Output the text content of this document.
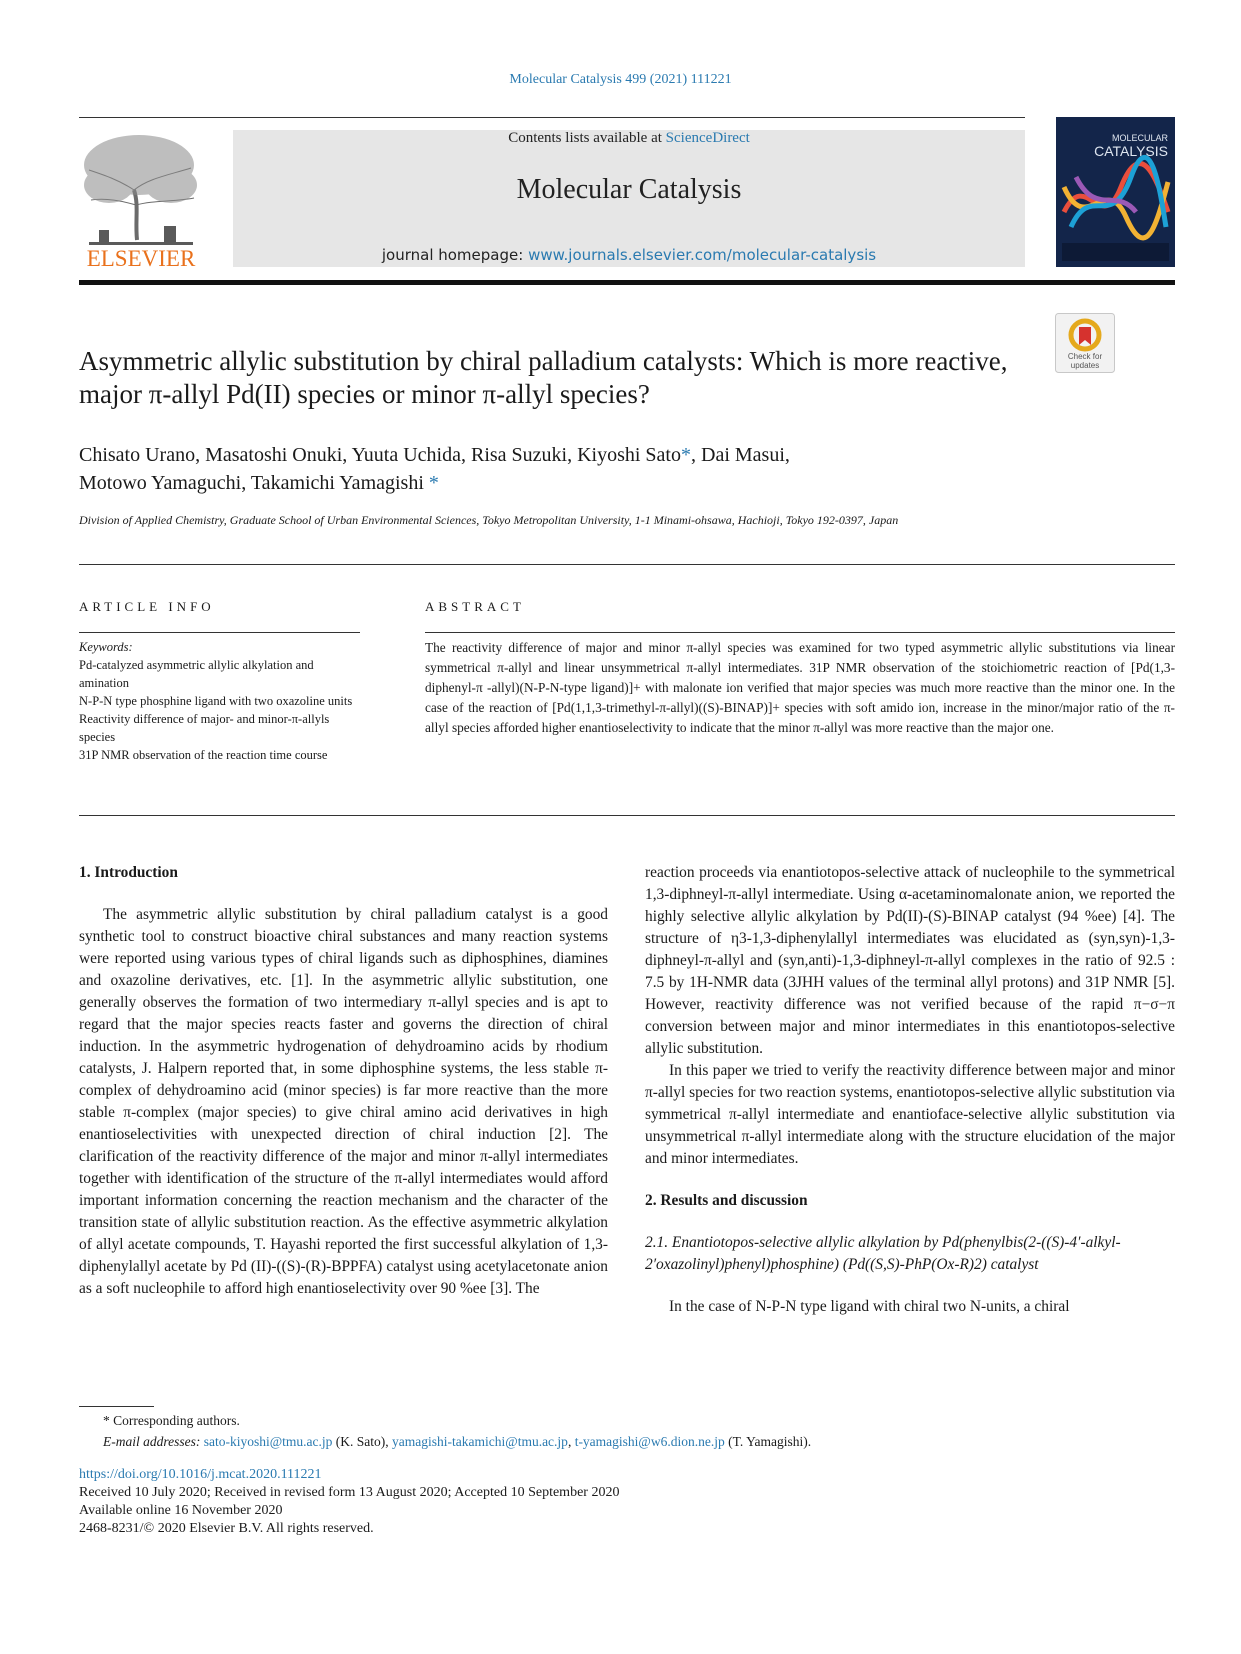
Molecular Catalysis 499 (2021) 111221
ELSEVIER
Contents lists available at ScienceDirect
Molecular Catalysis
journal homepage: www.journals.elsevier.com/molecular-catalysis
MOLECULAR
CATALYSIS
Check for
updates
Asymmetric allylic substitution by chiral palladium catalysts: Which is more reactive, major π-allyl Pd(II) species or minor π-allyl species?
Chisato Urano, Masatoshi Onuki, Yuuta Uchida, Risa Suzuki, Kiyoshi Sato*, Dai Masui,
Motowo Yamaguchi, Takamichi Yamagishi *
Division of Applied Chemistry, Graduate School of Urban Environmental Sciences, Tokyo Metropolitan University, 1-1 Minami-ohsawa, Hachioji, Tokyo 192-0397, Japan
ARTICLE INFO
Keywords:
Pd-catalyzed asymmetric allylic alkylation and amination
N-P-N type phosphine ligand with two oxazoline units
Reactivity difference of major- and minor-π-allyls species
31P NMR observation of the reaction time course
ABSTRACT
The reactivity difference of major and minor π-allyl species was examined for two typed asymmetric allylic substitutions via linear symmetrical π-allyl and linear unsymmetrical π-allyl intermediates. 31P NMR observation of the stoichiometric reaction of [Pd(1,3-diphenyl-π -allyl)(N-P-N-type ligand)]+ with malonate ion verified that major species was much more reactive than the minor one. In the case of the reaction of [Pd(1,1,3-trimethyl-π-allyl)((S)-BINAP)]+ species with soft amido ion, increase in the minor/major ratio of the π-allyl species afforded higher enantioselectivity to indicate that the minor π-allyl was more reactive than the major one.
1. Introduction

The asymmetric allylic substitution by chiral palladium catalyst is a good synthetic tool to construct bioactive chiral substances and many reaction systems were reported using various types of chiral ligands such as diphosphines, diamines and oxazoline derivatives, etc. [1]. In the asymmetric allylic substitution, one generally observes the formation of two intermediary π-allyl species and is apt to regard that the major species reacts faster and governs the direction of chiral induction. In the asymmetric hydrogenation of dehydroamino acids by rhodium catalysts, J. Halpern reported that, in some diphosphine systems, the less stable π-complex of dehydroamino acid (minor species) is far more reactive than the more stable π-complex (major species) to give chiral amino acid derivatives in high enantioselectivities with unexpected direction of chiral induction [2]. The clarification of the reactivity difference of the major and minor π-allyl intermediates together with identification of the structure of the π-allyl intermediates would afford important information concerning the reaction mechanism and the character of the transition state of allylic substitution reaction. As the effective asymmetric alkylation of allyl acetate compounds, T. Hayashi reported the first successful alkylation of 1,3-diphenylallyl acetate by Pd (II)-((S)-(R)-BPPFA) catalyst using acetylacetonate anion as a soft nucleophile to afford high enantioselectivity over 90 %ee [3]. The

reaction proceeds via enantiotopos-selective attack of nucleophile to the symmetrical 1,3-diphneyl-π-allyl intermediate. Using α-acetaminomalonate anion, we reported the highly selective allylic alkylation by Pd(II)-(S)-BINAP catalyst (94 %ee) [4]. The structure of η3-1,3-diphenylallyl intermediates was elucidated as (syn,syn)-1,3-diphneyl-π-allyl and (syn,anti)-1,3-diphneyl-π-allyl complexes in the ratio of 92.5 : 7.5 by 1H-NMR data (3JHH values of the terminal allyl protons) and 31P NMR [5]. However, reactivity difference was not verified because of the rapid π−σ−π conversion between major and minor intermediates in this enantiotopos-selective allylic substitution.

In this paper we tried to verify the reactivity difference between major and minor π-allyl species for two reaction systems, enantiotopos-selective allylic substitution via symmetrical π-allyl intermediate and enantioface-selective allylic substitution via unsymmetrical π-allyl intermediate along with the structure elucidation of the major and minor intermediates.

2. Results and discussion
2.1. Enantiotopos-selective allylic alkylation by Pd(phenylbis(2-((S)-4′-alkyl-2′oxazolinyl)phenyl)phosphine) (Pd((S,S)-PhP(Ox-R)2) catalyst

In the case of N-P-N type ligand with chiral two N-units, a chiral

* Corresponding authors.
E-mail addresses: sato-kiyoshi@tmu.ac.jp (K. Sato), yamagishi-takamichi@tmu.ac.jp, t-yamagishi@w6.dion.ne.jp (T. Yamagishi).
https://doi.org/10.1016/j.mcat.2020.111221
Received 10 July 2020; Received in revised form 13 August 2020; Accepted 10 September 2020
Available online 16 November 2020
2468-8231/© 2020 Elsevier B.V. All rights reserved.
